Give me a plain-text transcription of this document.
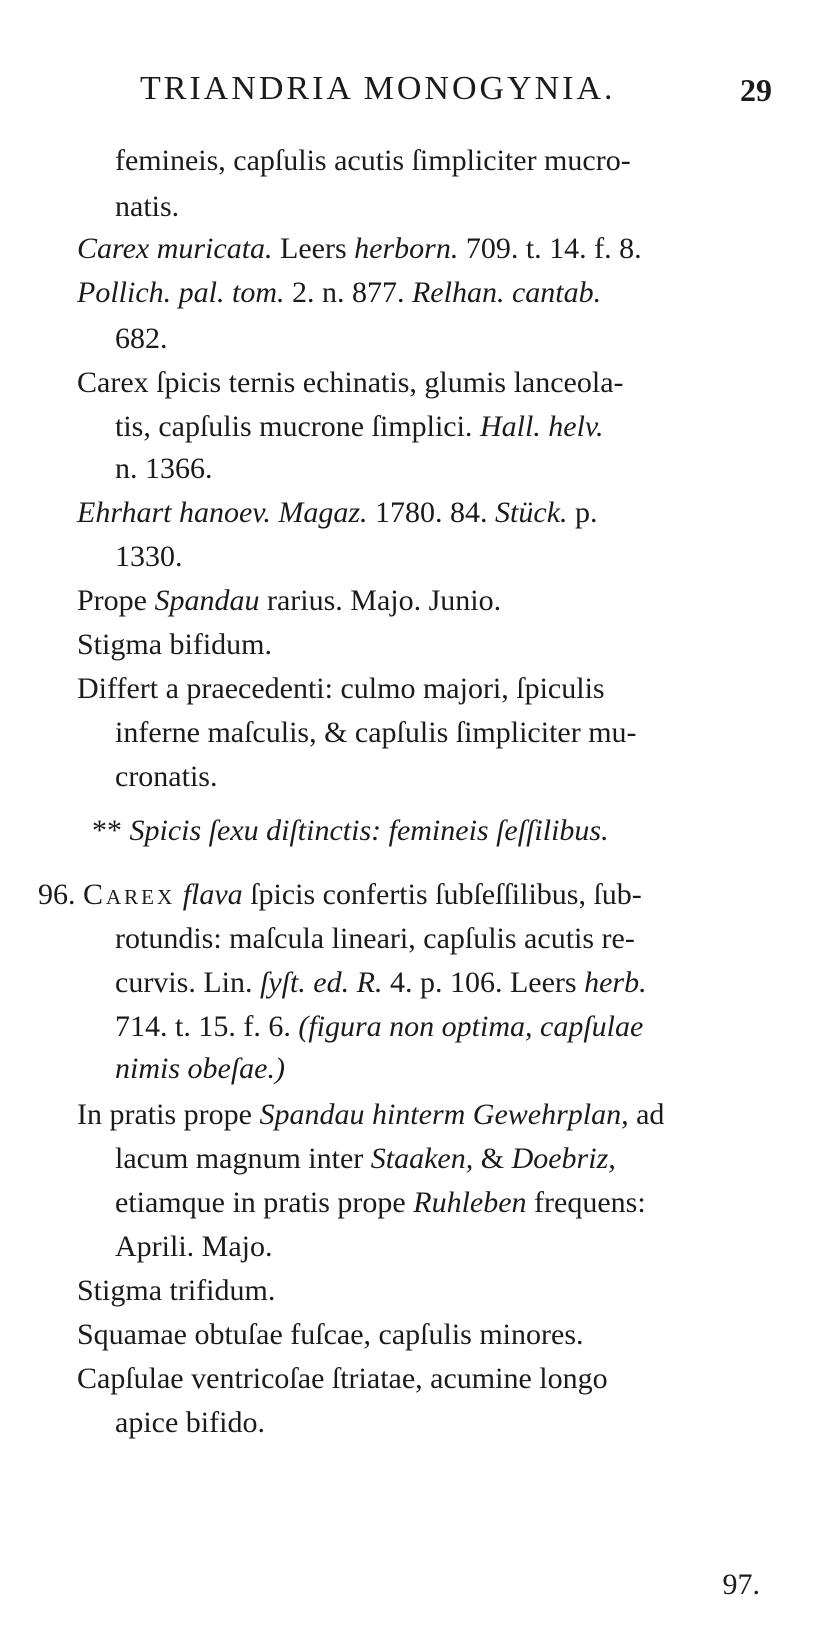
TRIANDRIA MONOGYNIA.	29
femineis, capſulis acutis ſimpliciter mucro-
natis.
Carex muricata. Leers herborn. 709. t. 14. f. 8.
Pollich. pal. tom. 2. n. 877. Relhan. cantab.
682.
Carex ſpicis ternis echinatis, glumis lanceola-
tis, capſulis mucrone ſimplici. Hall. helv.
n. 1366.
Ehrhart hanoev. Magaz. 1780. 84. Stück. p.
1330.
Prope Spandau rarius. Majo. Junio.
Stigma bifidum.
Differt a praecedenti: culmo majori, ſpiculis
inferne maſculis, & capſulis ſimpliciter mu-
cronatis.
** Spicis ſexu diſtinctis: femineis ſeſſilibus.
96. Carex flava ſpicis confertis ſubſeſſilibus, ſub-
rotundis: maſcula lineari, capſulis acutis re-
curvis. Lin. ſyſt. ed. R. 4. p. 106. Leers herb.
714. t. 15. f. 6. (figura non optima, capſulae
nimis obeſae.)
In pratis prope Spandau hinterm Gewehrplan, ad
lacum magnum inter Staaken, & Doebriz,
etiamque in pratis prope Ruhleben frequens:
Aprili. Majo.
Stigma trifidum.
Squamae obtuſae fuſcae, capſulis minores.
Capſulae ventricoſae ſtriatae, acumine longo
apice bifido.
97.
